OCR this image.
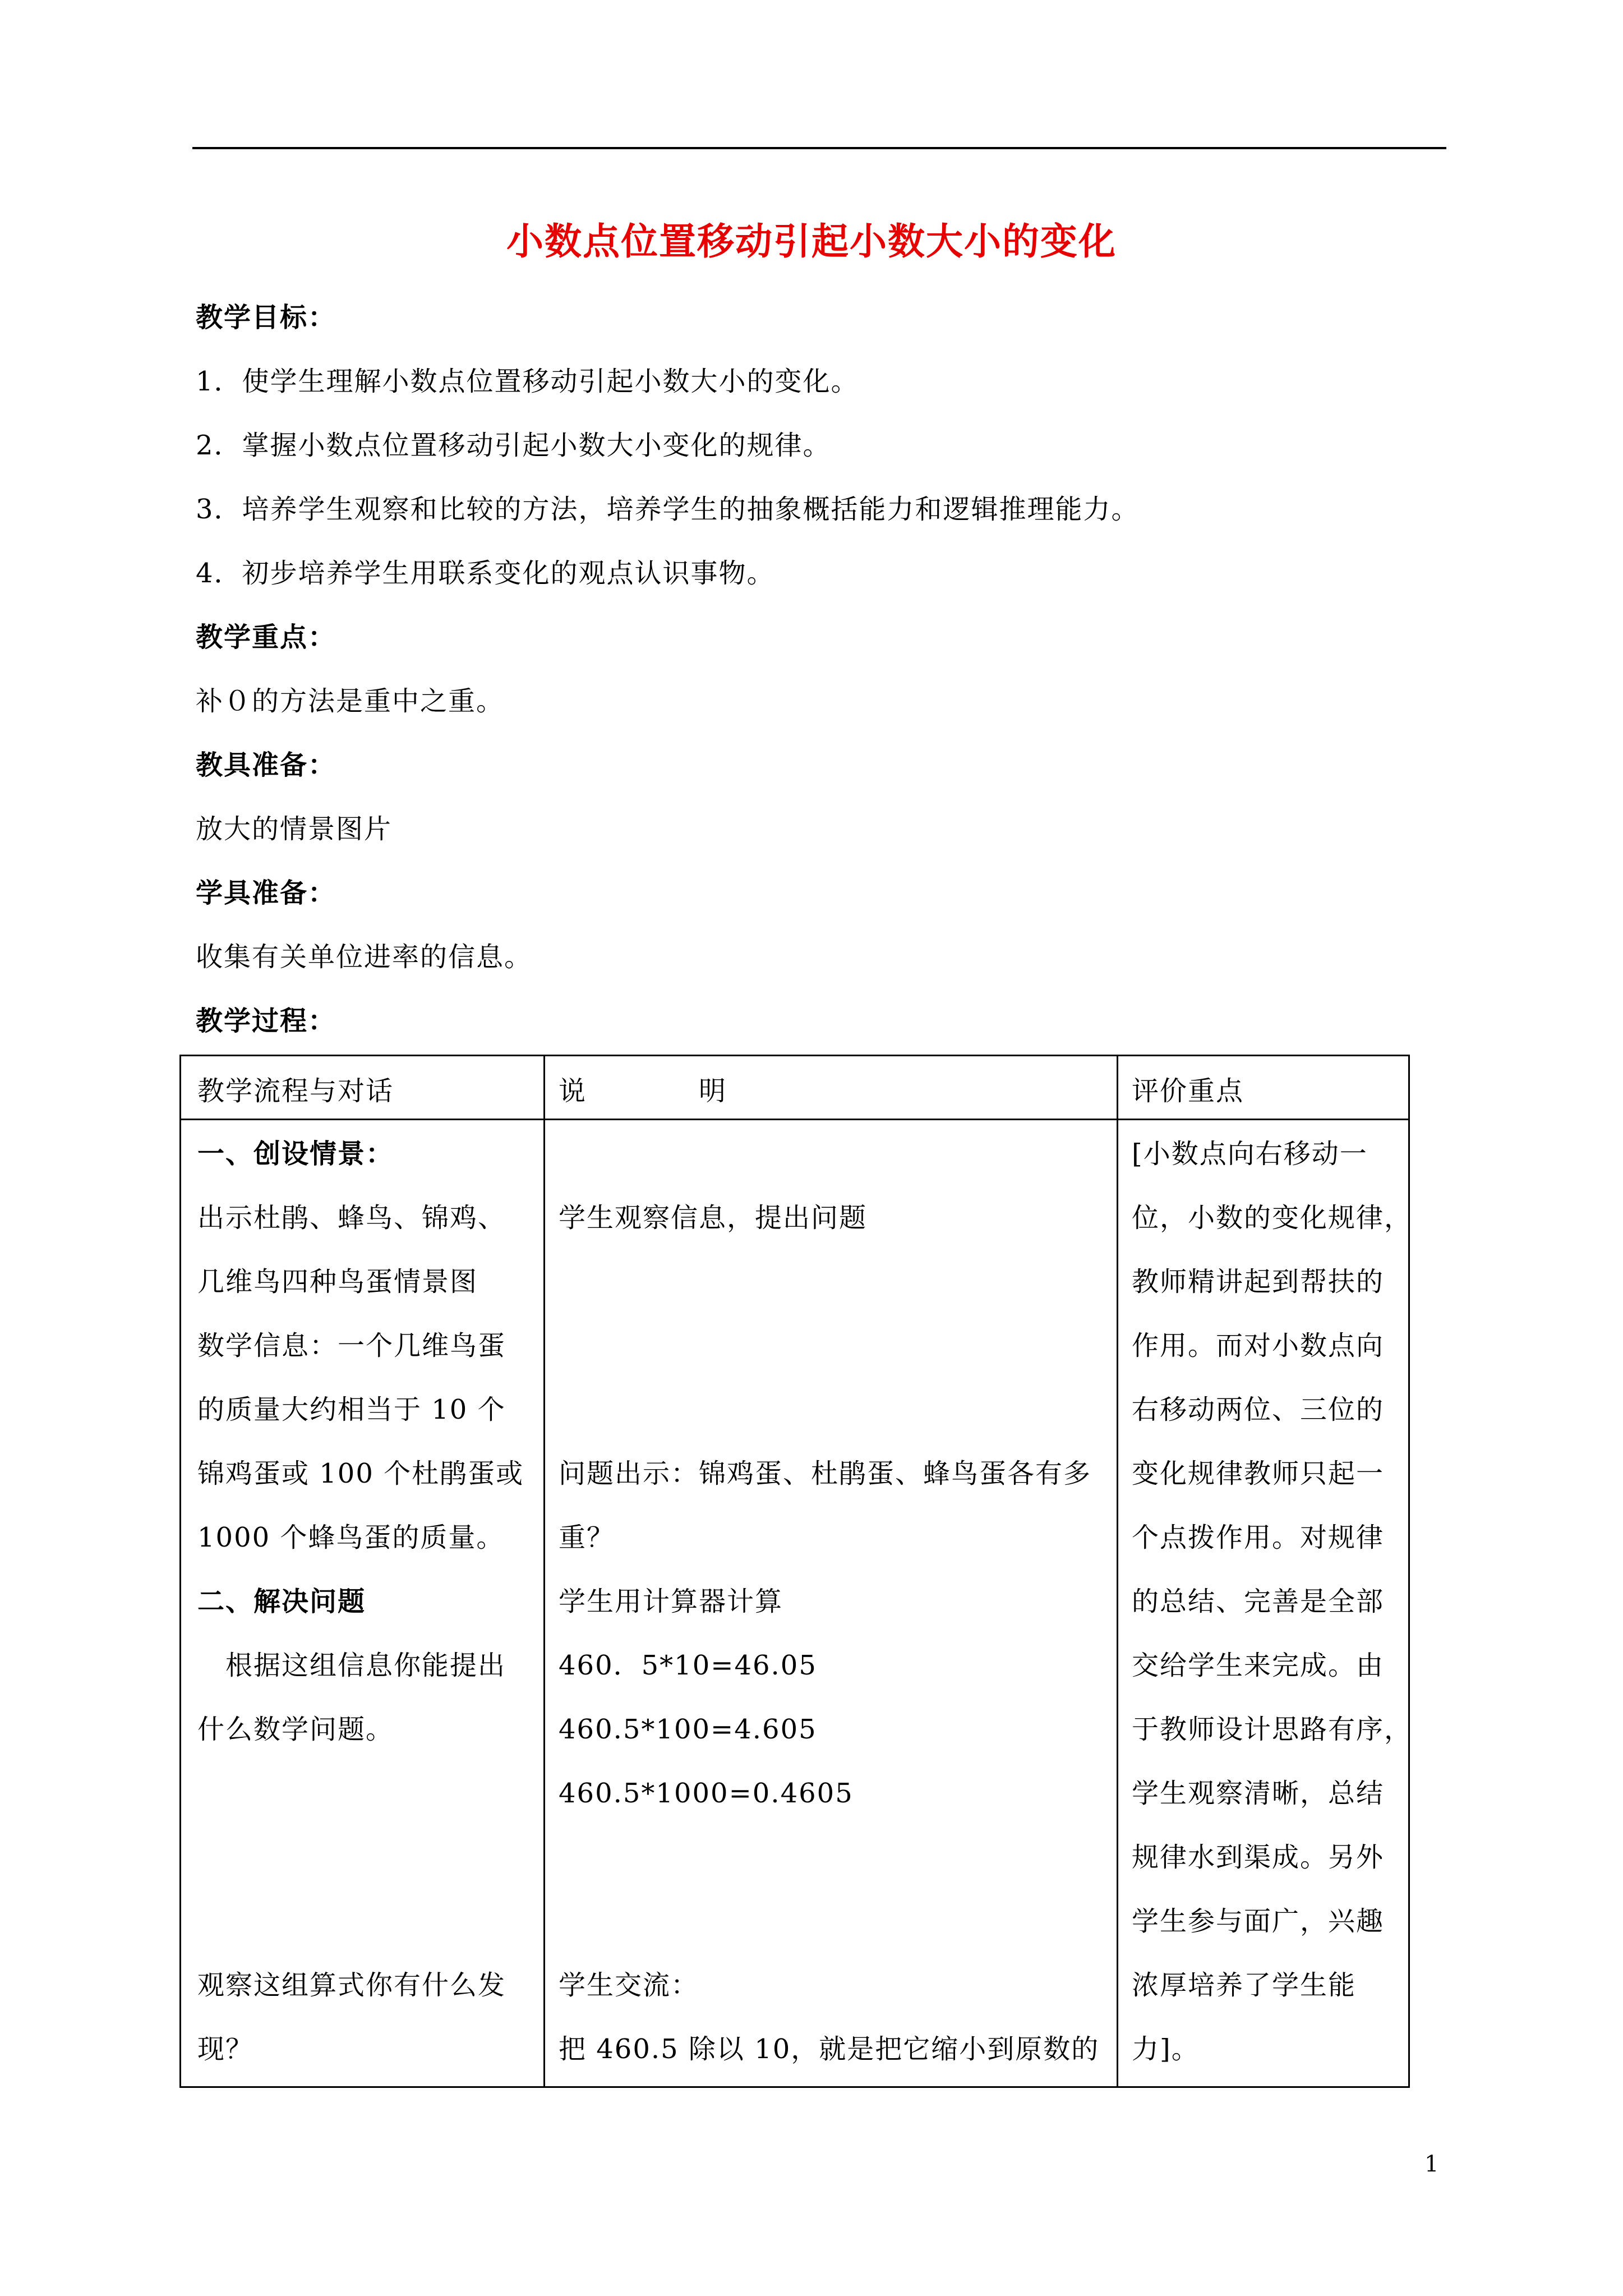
小数点位置移动引起小数大小的变化
教学目标：
1．使学生理解小数点位置移动引起小数大小的变化。
2．掌握小数点位置移动引起小数大小变化的规律。
3．培养学生观察和比较的方法，培养学生的抽象概括能力和逻辑推理能力。
4．初步培养学生用联系变化的观点认识事物。
教学重点：
补０的方法是重中之重。
教具准备：
放大的情景图片
学具准备：
收集有关单位进率的信息。
教学过程：
教学流程与对话	说　　　　明	评价重点
一、创设情景：
出示杜鹃、蜂鸟、锦鸡、
几维鸟四种鸟蛋情景图
数学信息：一个几维鸟蛋
的质量大约相当于 10 个
锦鸡蛋或 100 个杜鹃蛋或
1000 个蜂鸟蛋的质量。
二、解决问题
　根据这组信息你能提出
什么数学问题。
观察这组算式你有什么发
现？
学生观察信息，提出问题
问题出示：锦鸡蛋、杜鹃蛋、蜂鸟蛋各有多
重？
学生用计算器计算
460．5*10=46.05
460.5*100=4.605
460.5*1000=0.4605
学生交流：
把 460.5 除以 10，就是把它缩小到原数的
[小数点向右移动一
位，小数的变化规律，
教师精讲起到帮扶的
作用。而对小数点向
右移动两位、三位的
变化规律教师只起一
个点拨作用。对规律
的总结、完善是全部
交给学生来完成。由
于教师设计思路有序，
学生观察清晰，总结
规律水到渠成。另外
学生参与面广，兴趣
浓厚培养了学生能
力]。
1
